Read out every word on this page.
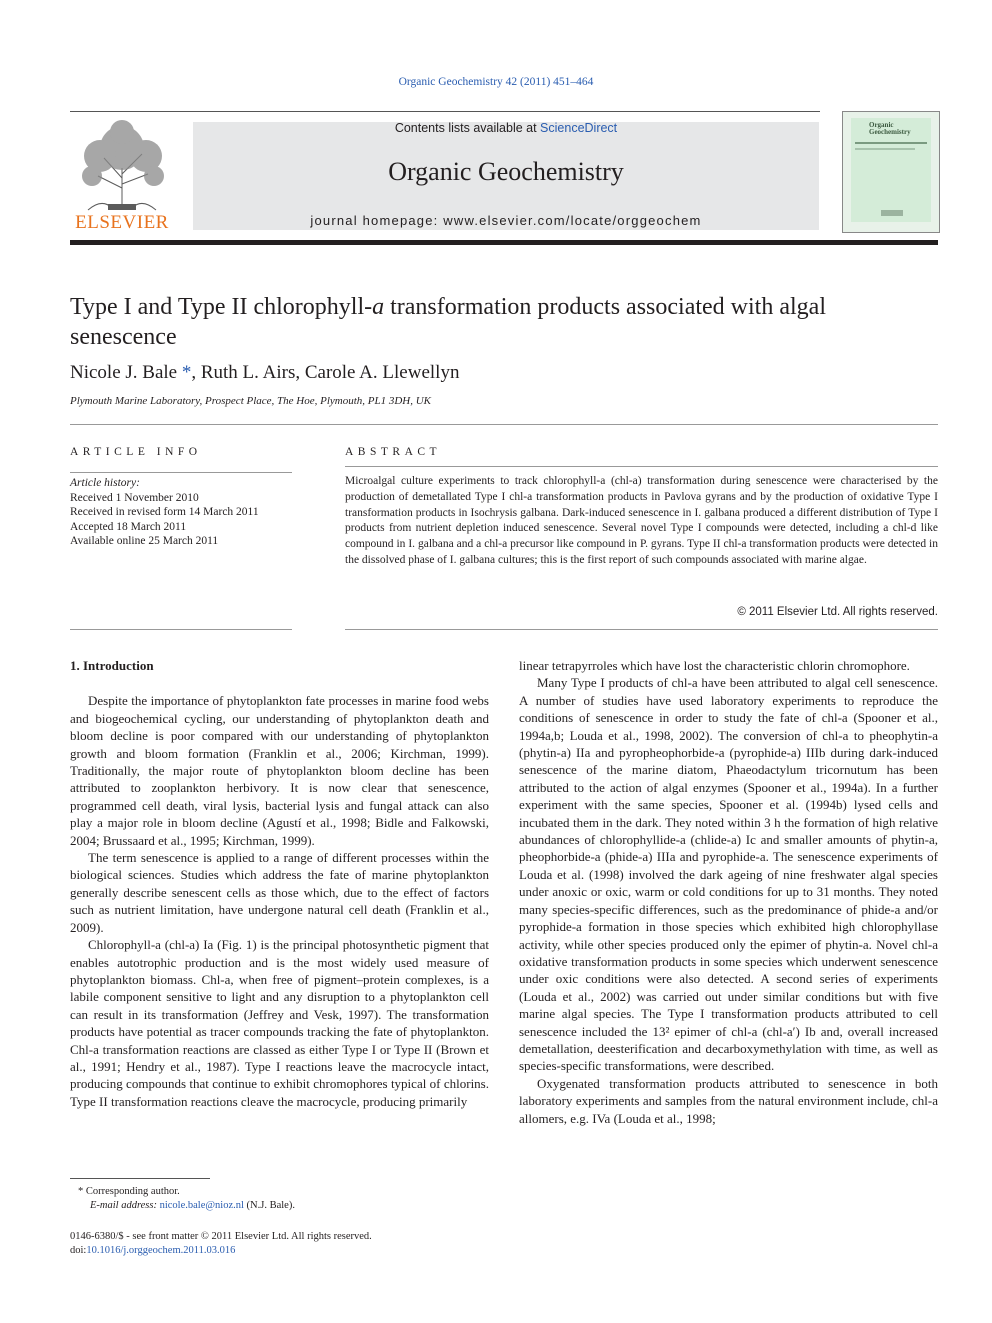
Organic Geochemistry 42 (2011) 451–464
ELSEVIER
Contents lists available at ScienceDirect
Organic Geochemistry
journal homepage: www.elsevier.com/locate/orggeochem
Organic Geochemistry
Type I and Type II chlorophyll-a transformation products associated with algal senescence
Nicole J. Bale *, Ruth L. Airs, Carole A. Llewellyn
Plymouth Marine Laboratory, Prospect Place, The Hoe, Plymouth, PL1 3DH, UK
ARTICLE INFO
Article history:
Received 1 November 2010
Received in revised form 14 March 2011
Accepted 18 March 2011
Available online 25 March 2011
ABSTRACT
Microalgal culture experiments to track chlorophyll-a (chl-a) transformation during senescence were characterised by the production of demetallated Type I chl-a transformation products in Pavlova gyrans and by the production of oxidative Type I transformation products in Isochrysis galbana. Dark-induced senescence in I. galbana produced a different distribution of Type I products from nutrient depletion induced senescence. Several novel Type I compounds were detected, including a chl-d like compound in I. galbana and a chl-a precursor like compound in P. gyrans. Type II chl-a transformation products were detected in the dissolved phase of I. galbana cultures; this is the first report of such compounds associated with marine algae.
© 2011 Elsevier Ltd. All rights reserved.
1. Introduction

Despite the importance of phytoplankton fate processes in marine food webs and biogeochemical cycling, our understanding of phytoplankton death and bloom decline is poor compared with our understanding of phytoplankton growth and bloom formation (Franklin et al., 2006; Kirchman, 1999). Traditionally, the major route of phytoplankton bloom decline has been attributed to zooplankton herbivory. It is now clear that senescence, programmed cell death, viral lysis, bacterial lysis and fungal attack can also play a major role in bloom decline (Agustí et al., 1998; Bidle and Falkowski, 2004; Brussaard et al., 1995; Kirchman, 1999).

The term senescence is applied to a range of different processes within the biological sciences. Studies which address the fate of marine phytoplankton generally describe senescent cells as those which, due to the effect of factors such as nutrient limitation, have undergone natural cell death (Franklin et al., 2009).

Chlorophyll-a (chl-a) Ia (Fig. 1) is the principal photosynthetic pigment that enables autotrophic production and is the most widely used measure of phytoplankton biomass. Chl-a, when free of pigment–protein complexes, is a labile component sensitive to light and any disruption to a phytoplankton cell can result in its transformation (Jeffrey and Vesk, 1997). The transformation products have potential as tracer compounds tracking the fate of phytoplankton. Chl-a transformation reactions are classed as either Type I or Type II (Brown et al., 1991; Hendry et al., 1987). Type I reactions leave the macrocycle intact, producing compounds that continue to exhibit chromophores typical of chlorins. Type II transformation reactions cleave the macrocycle, producing primarily

linear tetrapyrroles which have lost the characteristic chlorin chromophore.

Many Type I products of chl-a have been attributed to algal cell senescence. A number of studies have used laboratory experiments to reproduce the conditions of senescence in order to study the fate of chl-a (Spooner et al., 1994a,b; Louda et al., 1998, 2002). The conversion of chl-a to pheophytin-a (phytin-a) IIa and pyropheophorbide-a (pyrophide-a) IIIb during dark-induced senescence of the marine diatom, Phaeodactylum tricornutum has been attributed to the action of algal enzymes (Spooner et al., 1994a). In a further experiment with the same species, Spooner et al. (1994b) lysed cells and incubated them in the dark. They noted within 3 h the formation of high relative abundances of chlorophyllide-a (chlide-a) Ic and smaller amounts of phytin-a, pheophorbide-a (phide-a) IIIa and pyrophide-a. The senescence experiments of Louda et al. (1998) involved the dark ageing of nine freshwater algal species under anoxic or oxic, warm or cold conditions for up to 31 months. They noted many species-specific differences, such as the predominance of phide-a and/or pyrophide-a formation in those species which exhibited high chlorophyllase activity, while other species produced only the epimer of phytin-a. Novel chl-a oxidative transformation products in some species which underwent senescence under oxic conditions were also detected. A second series of experiments (Louda et al., 2002) was carried out under similar conditions but with five marine algal species. The Type I transformation products attributed to cell senescence included the 13² epimer of chl-a (chl-a′) Ib and, overall increased demetallation, deesterification and decarboxymethylation with time, as well as species-specific transformations, were described.

Oxygenated transformation products attributed to senescence in both laboratory experiments and samples from the natural environment include, chl-a allomers, e.g. IVa (Louda et al., 1998;

* Corresponding author.
E-mail address: nicole.bale@nioz.nl (N.J. Bale).
0146-6380/$ - see front matter © 2011 Elsevier Ltd. All rights reserved.
doi:10.1016/j.orggeochem.2011.03.016
